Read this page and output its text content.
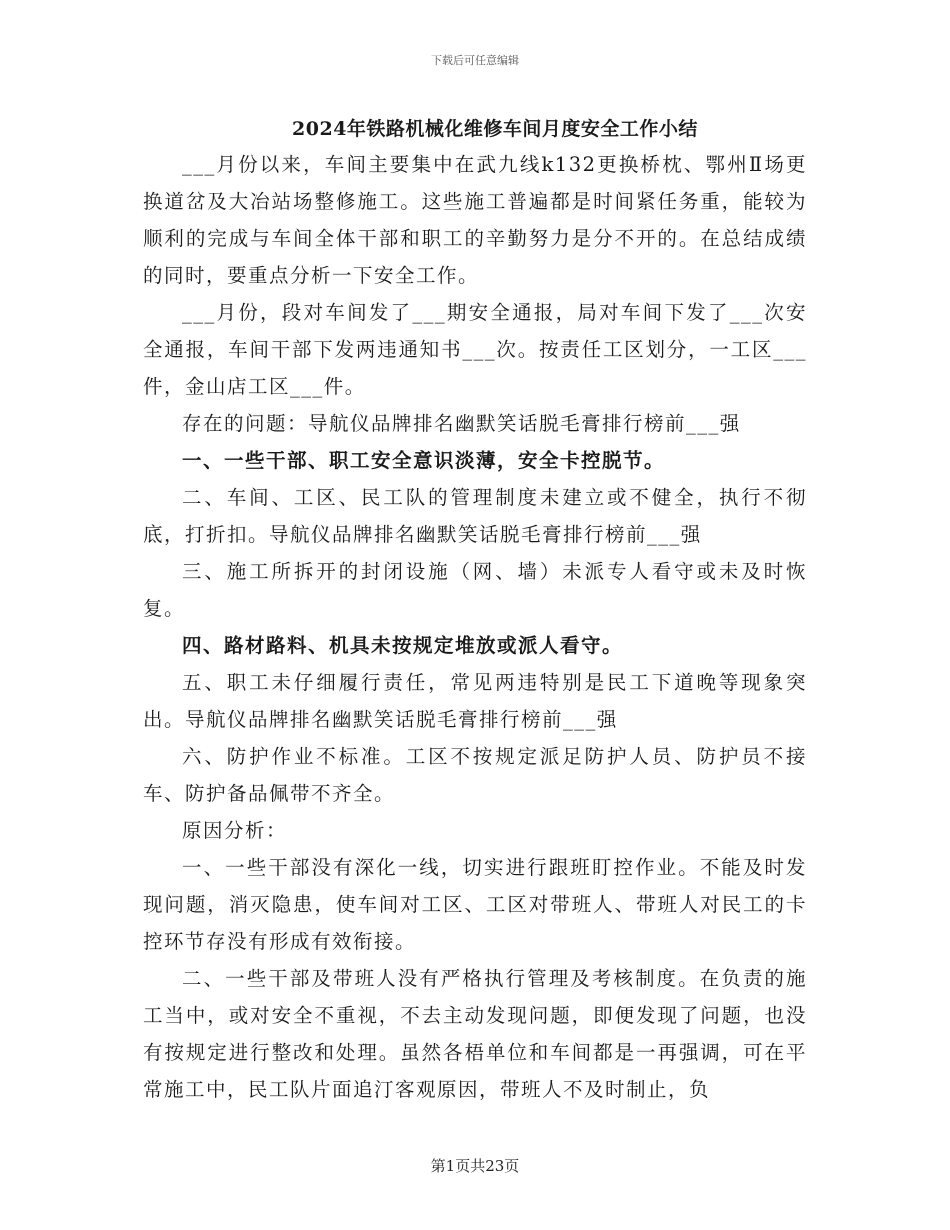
下载后可任意编辑
2024年铁路机械化维修车间月度安全工作小结

___月份以来，车间主要集中在武九线k132更换桥枕、鄂州Ⅱ场更换道岔及大冶站场整修施工。这些施工普遍都是时间紧任务重，能较为顺利的完成与车间全体干部和职工的辛勤努力是分不开的。在总结成绩的同时，要重点分析一下安全工作。

___月份，段对车间发了___期安全通报，局对车间下发了___次安全通报，车间干部下发两违通知书___次。按责任工区划分，一工区___件，金山店工区___件。

存在的问题：导航仪品牌排名幽默笑话脱毛膏排行榜前___强

一、一些干部、职工安全意识淡薄，安全卡控脱节。

二、车间、工区、民工队的管理制度未建立或不健全，执行不彻底，打折扣。导航仪品牌排名幽默笑话脱毛膏排行榜前___强

三、施工所拆开的封闭设施（网、墙）未派专人看守或未及时恢复。

四、路材路料、机具未按规定堆放或派人看守。

五、职工未仔细履行责任，常见两违特别是民工下道晚等现象突出。导航仪品牌排名幽默笑话脱毛膏排行榜前___强

六、防护作业不标准。工区不按规定派足防护人员、防护员不接车、防护备品佩带不齐全。

原因分析：

一、一些干部没有深化一线，切实进行跟班盯控作业。不能及时发现问题，消灭隐患，使车间对工区、工区对带班人、带班人对民工的卡控环节存没有形成有效衔接。

二、一些干部及带班人没有严格执行管理及考核制度。在负责的施工当中，或对安全不重视，不去主动发现问题，即便发现了问题，也没有按规定进行整改和处理。虽然各梧单位和车间都是一再强调，可在平常施工中，民工队片面追汀客观原因，带班人不及时制止，负

第1页共23页
